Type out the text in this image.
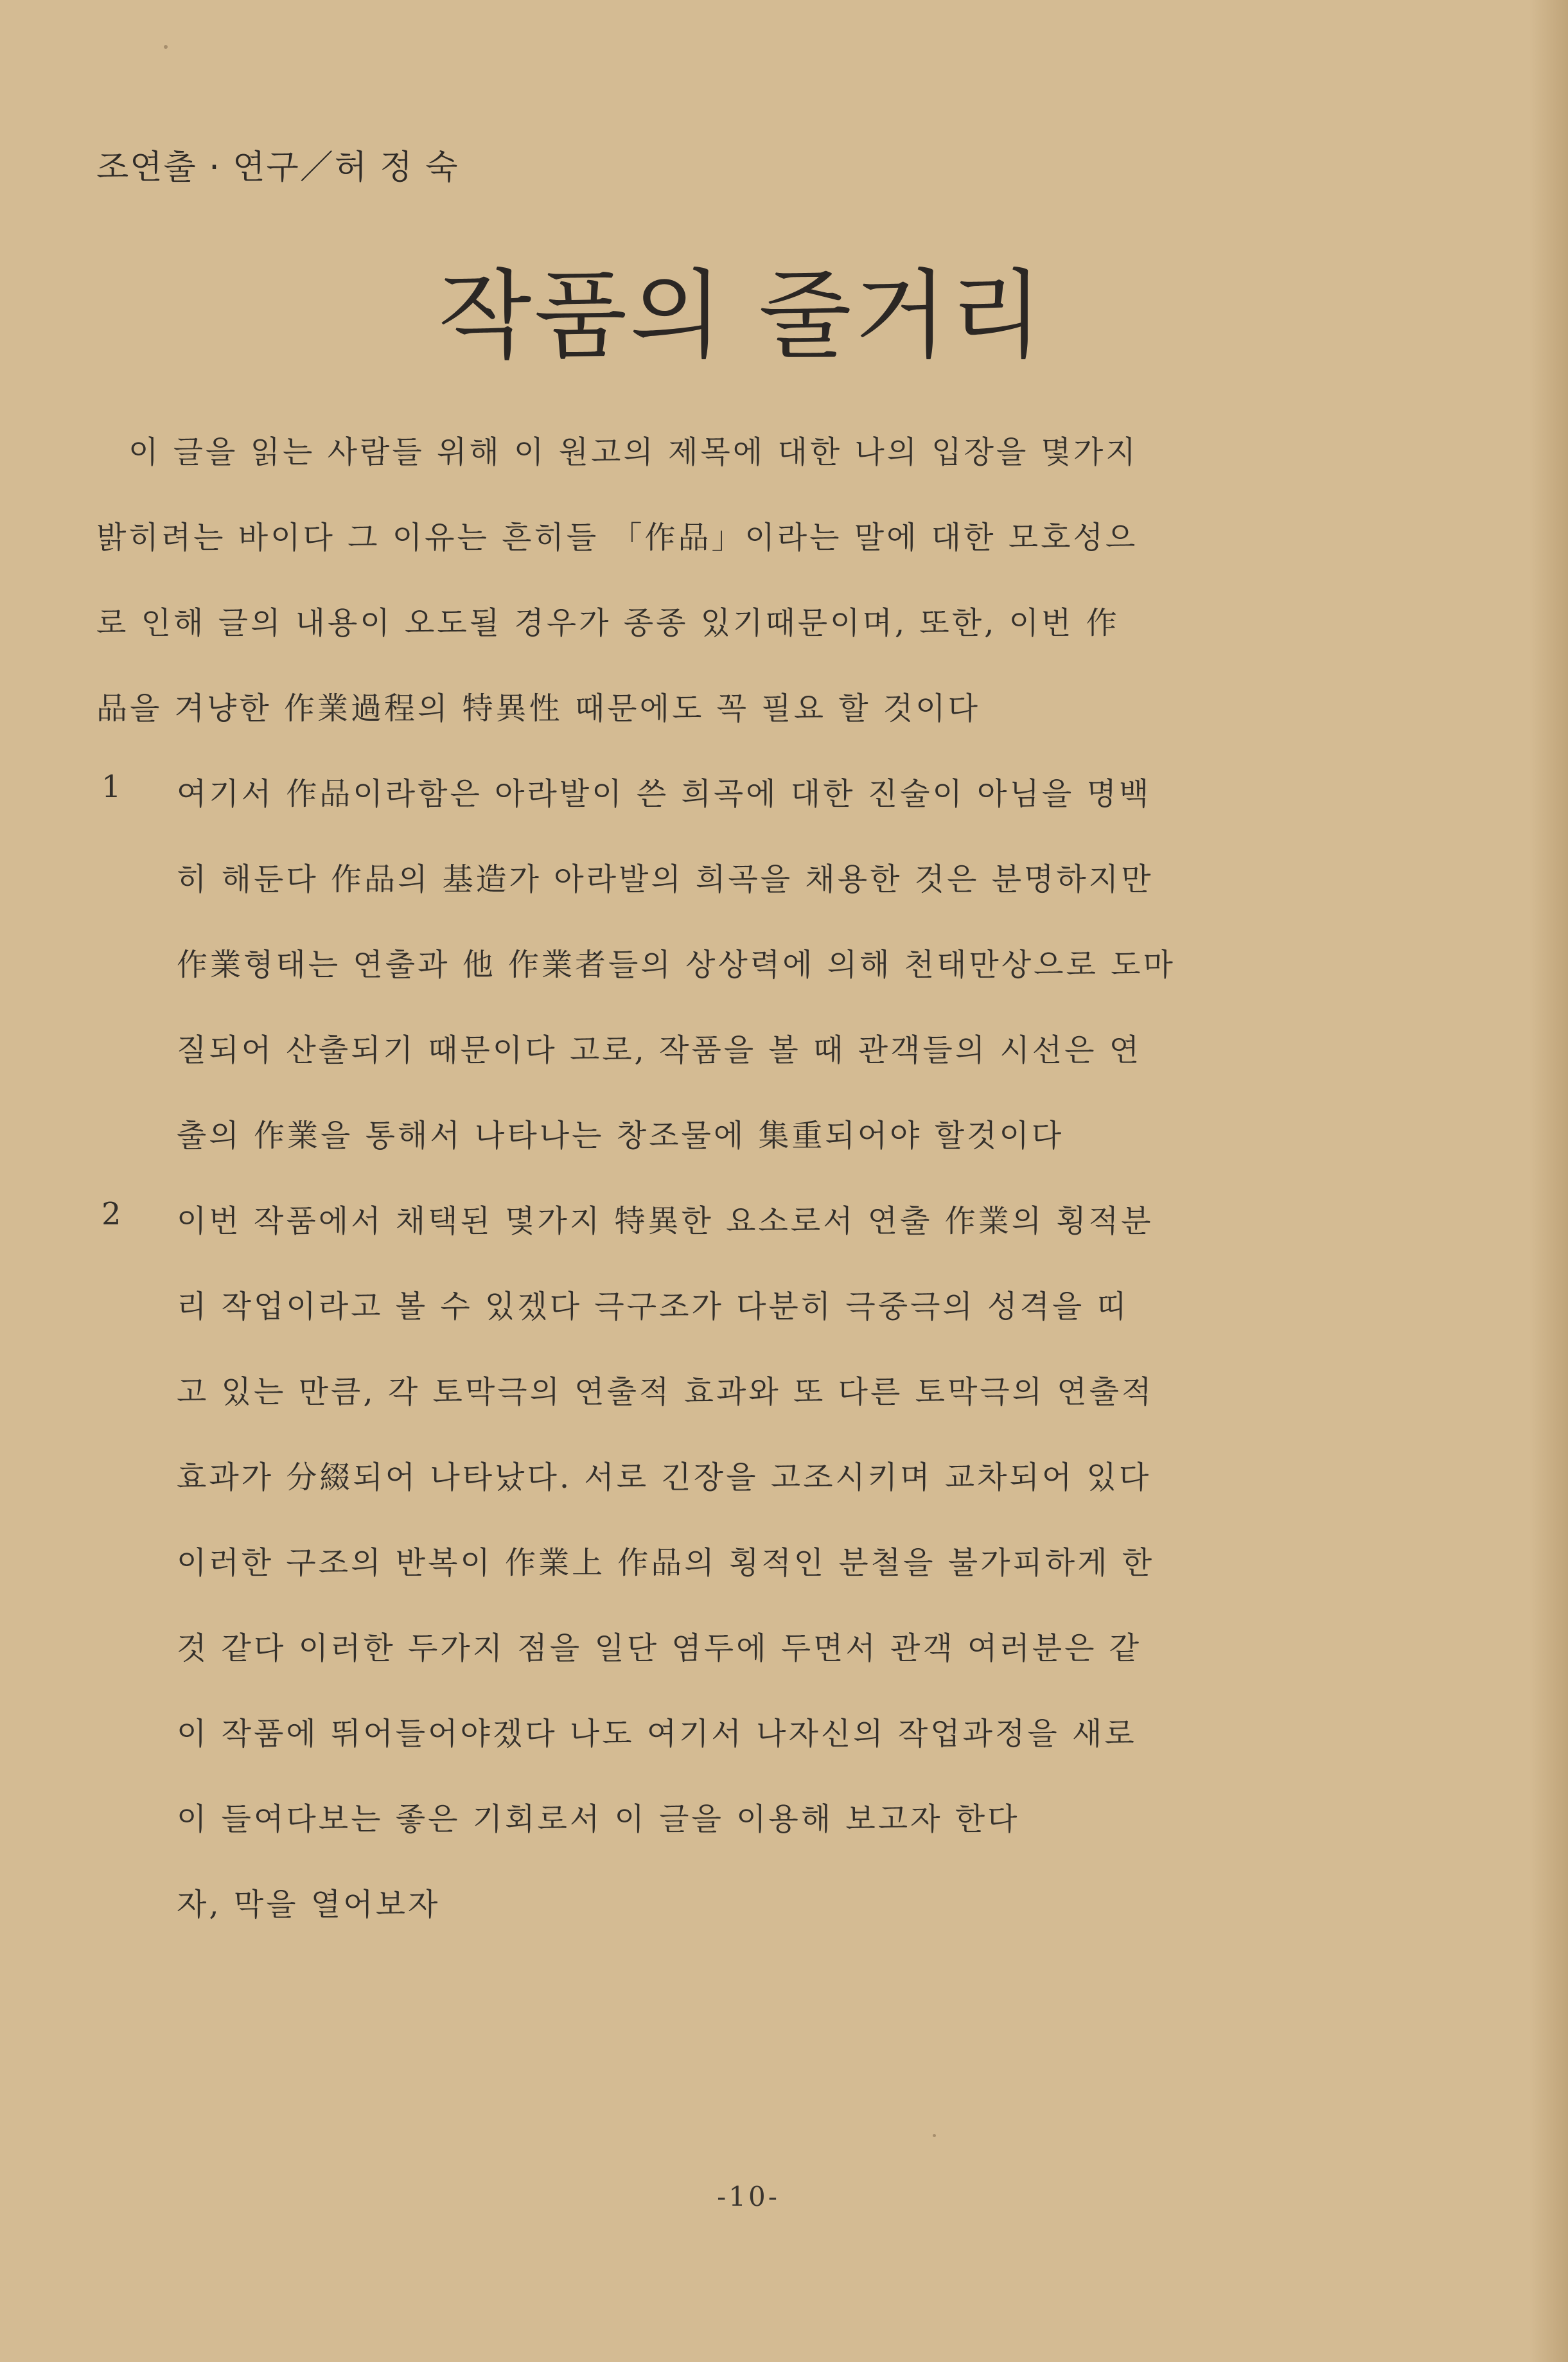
조연출 · 연구／허 정 숙
작품의 줄거리
이 글을 읽는 사람들 위해 이 원고의 제목에 대한 나의 입장을 몇가지
밝히려는 바이다 그 이유는 흔히들 「作品」이라는 말에 대한 모호성으
로 인해 글의 내용이 오도될 경우가 종종 있기때문이며, 또한, 이번 作
品을 겨냥한 作業過程의 特異性 때문에도 꼭 필요 할 것이다
1 여기서 作品이라함은 아라발이 쓴 희곡에 대한 진술이 아님을 명백
히 해둔다 作品의 基造가 아라발의 희곡을 채용한 것은 분명하지만
作業형태는 연출과 他 作業者들의 상상력에 의해 천태만상으로 도마
질되어 산출되기 때문이다 고로, 작품을 볼 때 관객들의 시선은 연
출의 作業을 통해서 나타나는 창조물에 集重되어야 할것이다
2 이번 작품에서 채택된 몇가지 特異한 요소로서 연출 作業의 횡적분
리 작업이라고 볼 수 있겠다 극구조가 다분히 극중극의 성격을 띠
고 있는 만큼, 각 토막극의 연출적 효과와 또 다른 토막극의 연출적
효과가 分綴되어 나타났다. 서로 긴장을 고조시키며 교차되어 있다
이러한 구조의 반복이 作業上 作品의 횡적인 분철을 불가피하게 한
것 같다 이러한 두가지 점을 일단 염두에 두면서 관객 여러분은 같
이 작품에 뛰어들어야겠다 나도 여기서 나자신의 작업과정을 새로
이 들여다보는 좋은 기회로서 이 글을 이용해 보고자 한다
자, 막을 열어보자
-10-
